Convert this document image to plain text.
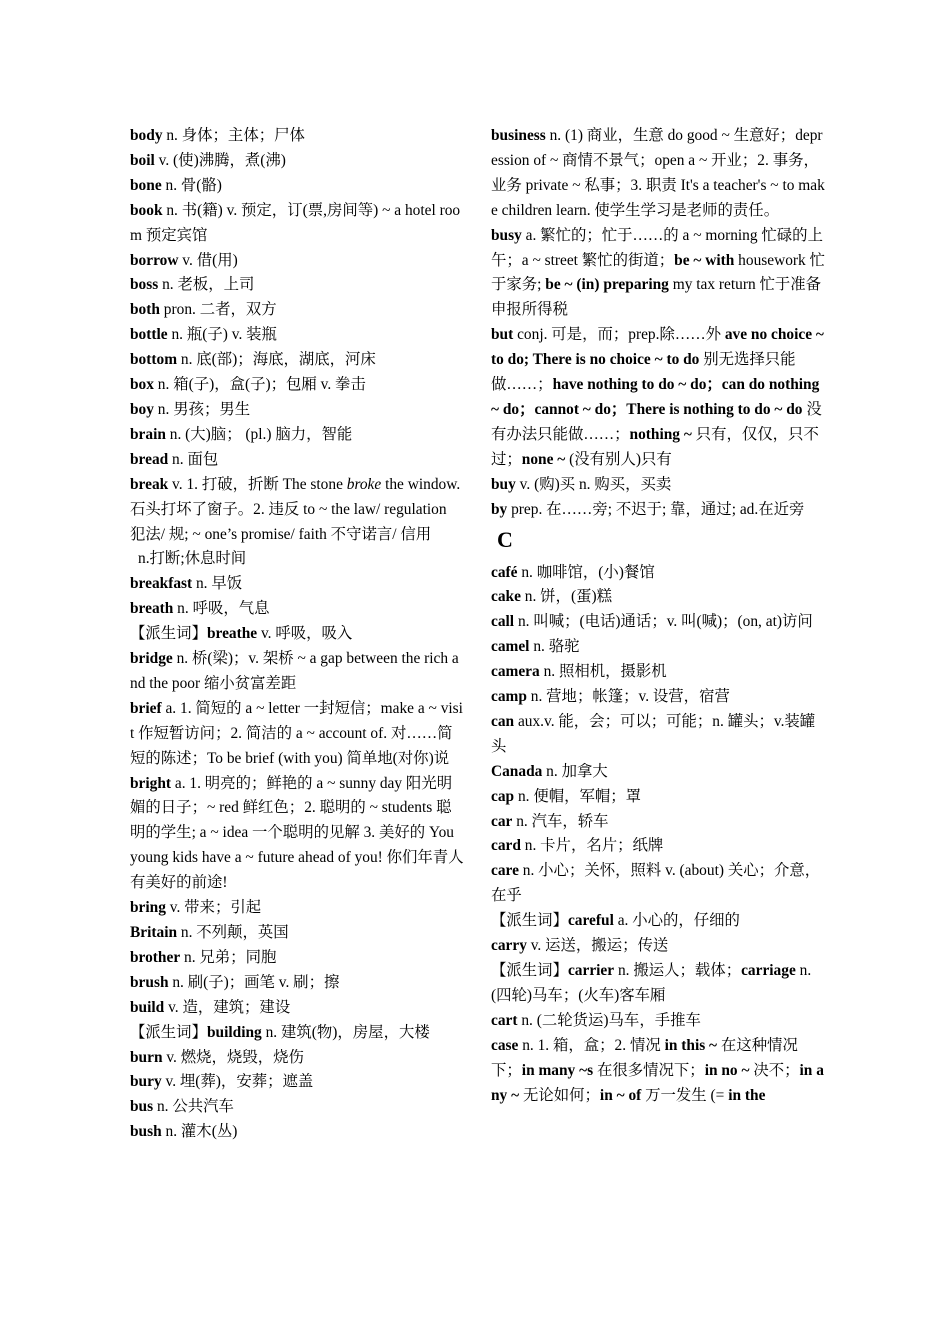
body n. 身体；主体；尸体

boil v. (使)沸腾，煮(沸)

bone n. 骨(骼)

book n. 书(籍) v. 预定，订(票,房间等) ~ a hotel room 预定宾馆

borrow v. 借(用)

boss n. 老板，上司

both pron. 二者，双方

bottle n. 瓶(子) v. 装瓶

bottom n. 底(部)；海底，湖底，河床

box n. 箱(子)，盒(子)；包厢 v. 拳击

boy n. 男孩；男生

brain n. (大)脑； (pl.) 脑力，智能

bread n. 面包

break v. 1. 打破，折断 The stone broke the window. 石头打坏了窗子。2. 违反 to ~ the law/ regulation 犯法/ 规; ~ one’s promise/ faith 不守诺言/ 信用

n.打断;休息时间

breakfast n. 早饭

breath n. 呼吸，气息

【派生词】breathe v. 呼吸，吸入

bridge n. 桥(梁)；v. 架桥 ~ a gap between the rich and the poor 缩小贫富差距

brief a. 1. 简短的 a ~ letter 一封短信；make a ~ visit 作短暂访问；2. 简洁的 a ~ account of. 对……简短的陈述；To be brief (with you) 简单地(对你)说

bright a. 1. 明亮的；鲜艳的 a ~ sunny day 阳光明媚的日子；~ red 鲜红色；2. 聪明的 ~ students 聪明的学生; a ~ idea 一个聪明的见解 3. 美好的 You young kids have a ~ future ahead of you! 你们年青人有美好的前途!

bring v. 带来；引起

Britain n. 不列颠，英国

brother n. 兄弟；同胞

brush n. 刷(子)；画笔 v. 刷；擦

build v. 造，建筑；建设

【派生词】building n. 建筑(物)，房屋，大楼

burn v. 燃烧，烧毁，烧伤

bury v. 埋(葬)，安葬；遮盖

bus n. 公共汽车

bush n. 灌木(丛)

business n. (1) 商业，生意 do good ~ 生意好；depression of ~ 商情不景气；open a ~ 开业；2. 事务，业务 private ~ 私事；3. 职责 It's a teacher's ~ to make children learn. 使学生学习是老师的责任。

busy a. 繁忙的；忙于……的 a ~ morning 忙碌的上午；a ~ street 繁忙的街道；be ~ with housework 忙于家务; be ~ (in) preparing my tax return 忙于准备申报所得税

but conj. 可是，而；prep.除……外 ave no choice ~ to do; There is no choice ~ to do 别无选择只能做……；have nothing to do ~ do；can do nothing ~ do；cannot ~ do；There is nothing to do ~ do 没有办法只能做……；nothing ~ 只有，仅仅，只不过；none ~ (没有别人)只有

buy v. (购)买 n. 购买，买卖

by prep. 在……旁; 不迟于; 靠，通过; ad.在近旁

C

café n. 咖啡馆，(小)餐馆

cake n. 饼，(蛋)糕

call n. 叫喊；(电话)通话；v. 叫(喊)；(on, at)访问

camel n. 骆驼

camera n. 照相机，摄影机

camp n. 营地；帐篷；v. 设营，宿营

can aux.v. 能，会；可以；可能；n. 罐头；v.装罐头

Canada n. 加拿大

cap n. 便帽，军帽；罩

car n. 汽车，轿车

card n. 卡片，名片；纸牌

care n. 小心；关怀，照料 v. (about) 关心；介意，在乎

【派生词】careful a. 小心的，仔细的

carry v. 运送，搬运；传送

【派生词】carrier n. 搬运人；载体；carriage n. (四轮)马车；(火车)客车厢

cart n. (二轮货运)马车，手推车

case n. 1. 箱，盒；2. 情况 in this ~ 在这种情况下；in many ~s 在很多情况下；in no ~ 决不；in any ~ 无论如何；in ~ of 万一发生 (= in the
